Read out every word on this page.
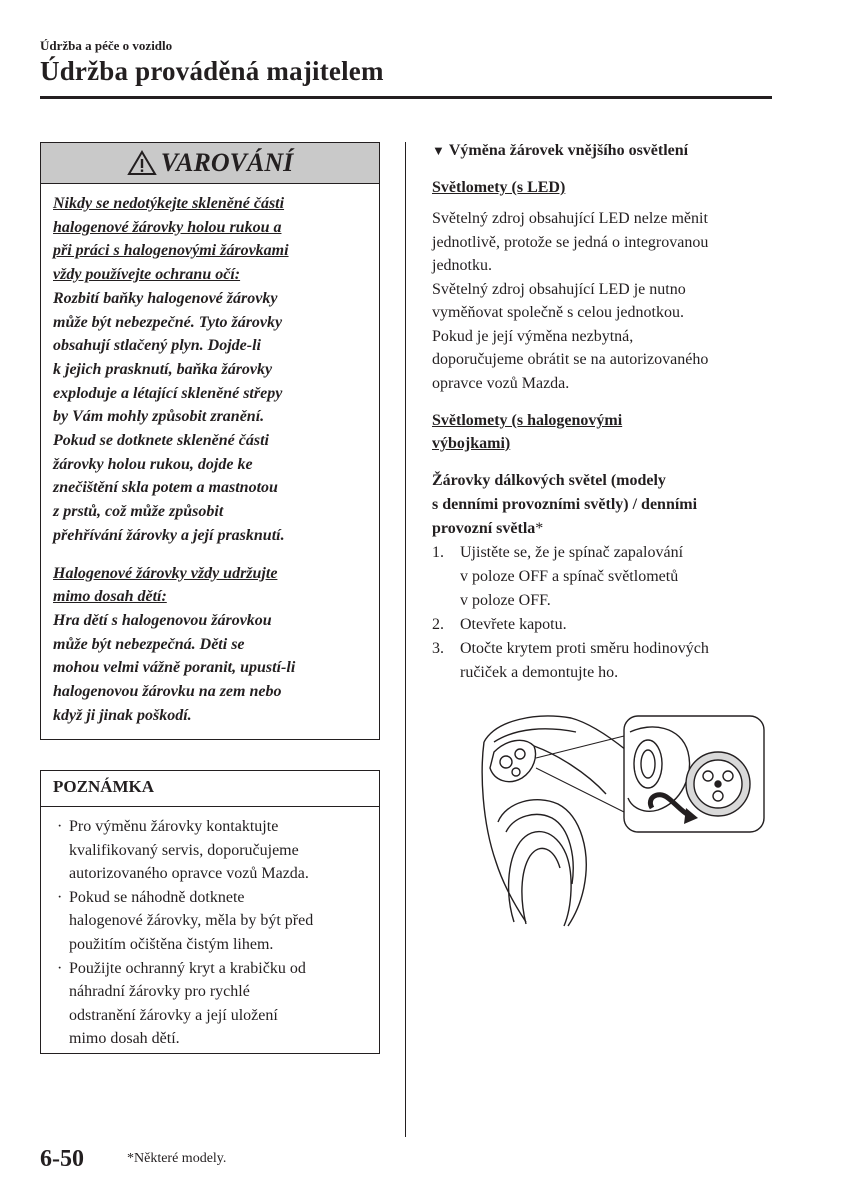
Údržba a péče o vozidlo
Údržba prováděná majitelem
VAROVÁNÍ

Nikdy se nedotýkejte skleněné části
halogenové žárovky holou rukou a
při práci s halogenovými žárovkami
vždy používejte ochranu očí:
Rozbití baňky halogenové žárovky
může být nebezpečné. Tyto žárovky
obsahují stlačený plyn. Dojde-li
k jejich prasknutí, baňka žárovky
exploduje a létající skleněné střepy
by Vám mohly způsobit zranění.
Pokud se dotknete skleněné části
žárovky holou rukou, dojde ke
znečištění skla potem a mastnotou
z prstů, což může způsobit
přehřívání žárovky a její prasknutí.

Halogenové žárovky vždy udržujte
mimo dosah dětí:
Hra dětí s halogenovou žárovkou
může být nebezpečná. Děti se
mohou velmi vážně poranit, upustí-li
halogenovou žárovku na zem nebo
když ji jinak poškodí.

POZNÁMKA
· Pro výměnu žárovky kontaktujte
kvalifikovaný servis, doporučujeme
autorizovaného opravce vozů Mazda.
· Pokud se náhodně dotknete
halogenové žárovky, měla by být před
použitím očištěna čistým lihem.
· Použijte ochranný kryt a krabičku od
náhradní žárovky pro rychlé
odstranění žárovky a její uložení
mimo dosah dětí.
▼ Výměna žárovek vnějšího osvětlení
Světlomety (s LED)

Světelný zdroj obsahující LED nelze měnit
jednotlivě, protože se jedná o integrovanou
jednotku.
Světelný zdroj obsahující LED je nutno
vyměňovat společně s celou jednotkou.
Pokud je její výměna nezbytná,
doporučujeme obrátit se na autorizovaného
opravce vozů Mazda.

Světlomety (s halogenovými
výbojkami)
Žárovky dálkových světel (modely
s denními provozními světly) / denními
provozní světla*
1. Ujistěte se, že je spínač zapalování
v poloze OFF a spínač světlometů
v poloze OFF.
2. Otevřete kapotu.
3. Otočte krytem proti směru hodinových
ručiček a demontujte ho.
6-50	*Některé modely.
